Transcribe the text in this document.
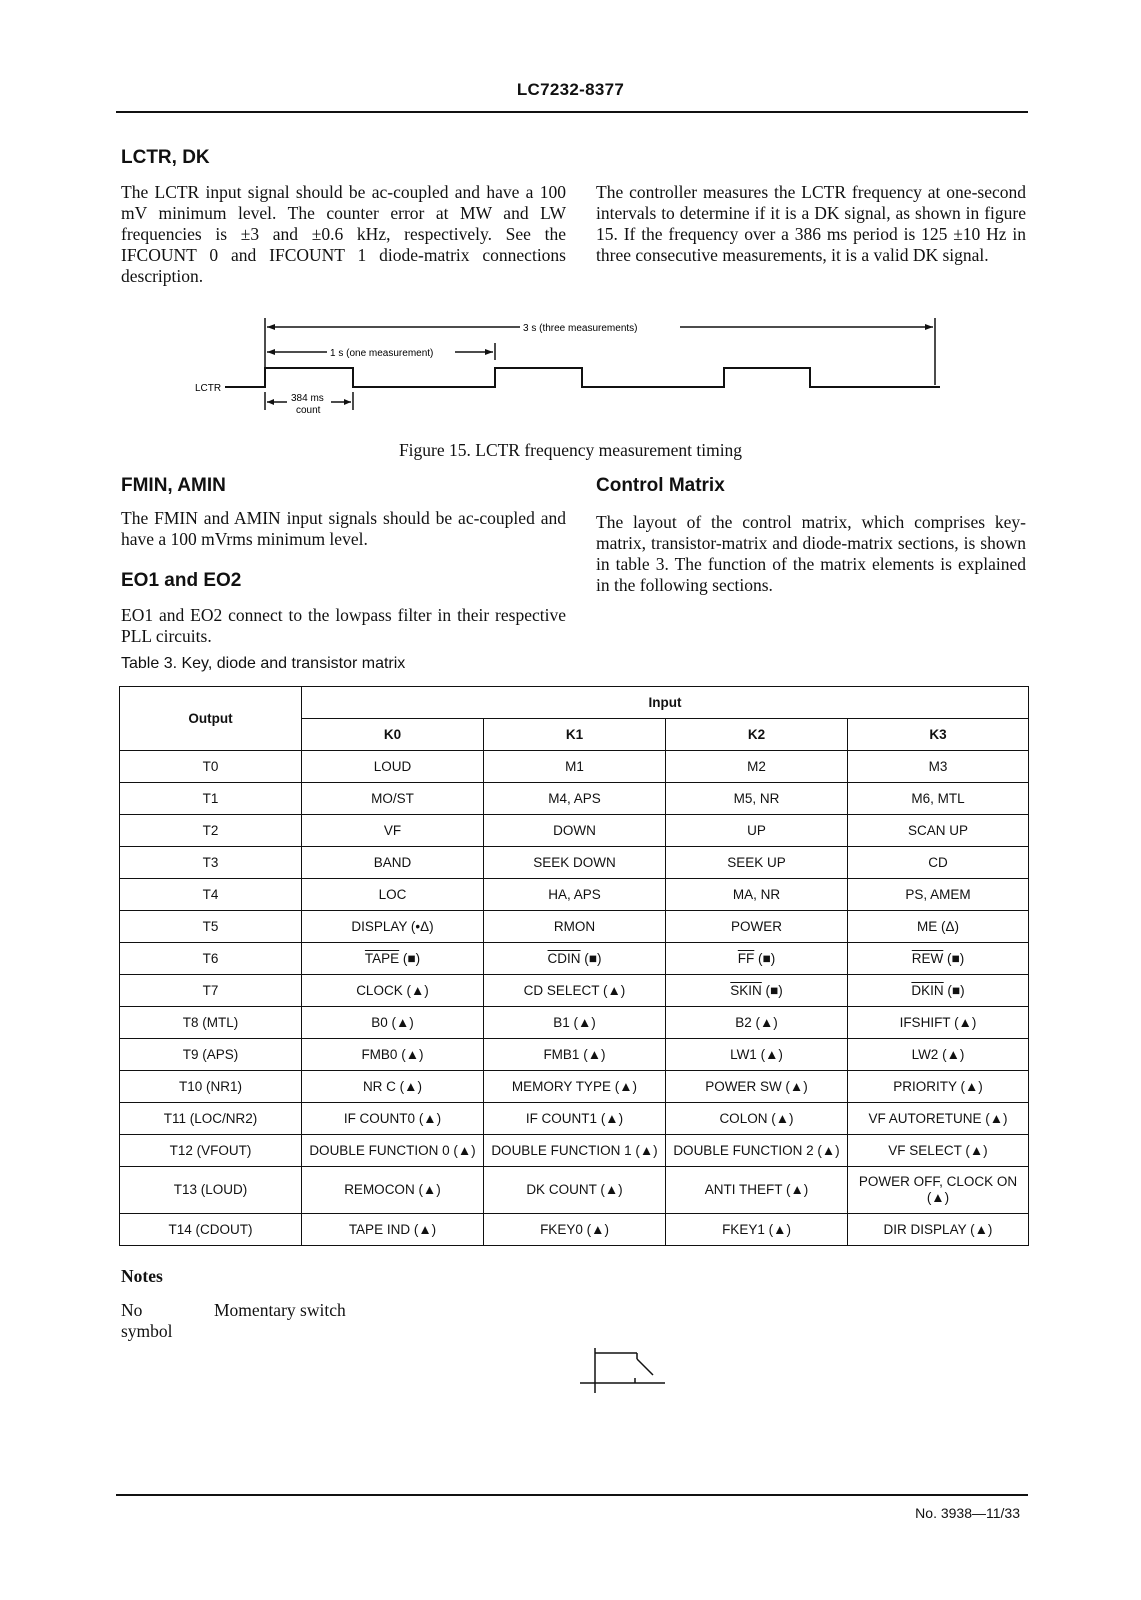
LC7232-8377
LCTR, DK

The LCTR input signal should be ac-coupled and have a 100 mV minimum level. The counter error at MW and LW frequencies is ±3 and ±0.6 kHz, respectively. See the IFCOUNT 0 and IFCOUNT 1 diode-matrix connections description.

The controller measures the LCTR frequency at one-second intervals to determine if it is a DK signal, as shown in figure 15. If the frequency over a 386 ms period is 125 ±10 Hz in three consecutive measurements, it is a valid DK signal.

3 s (three measurements)
1 s (one measurement)
LCTR
384 ms
count
Figure 15. LCTR frequency measurement timing
FMIN, AMIN

The FMIN and AMIN input signals should be ac-coupled and have a 100 mVrms minimum level.

EO1 and EO2

EO1 and EO2 connect to the lowpass filter in their respective PLL circuits.

Table 3. Key, diode and transistor matrix
Control Matrix

The layout of the control matrix, which comprises key-matrix, transistor-matrix and diode-matrix sections, is shown in table 3. The function of the matrix elements is explained in the following sections.

Output	Input			
	K0	K1	K2	K3
T0	LOUD	M1	M2	M3
T1	MO/ST	M4, APS	M5, NR	M6, MTL
T2	VF	DOWN	UP	SCAN UP
T3	BAND	SEEK DOWN	SEEK UP	CD
T4	LOC	HA, APS	MA, NR	PS, AMEM
T5	DISPLAY (•Δ)	RMON	POWER	ME (Δ)
T6	TAPE (■)	CDIN (■)	$\overline{FF}$ (■)	$\overline{REW}$ (■)
T7	CLOCK (▲)	CD SELECT (▲)	SKIN (■)	DKIN (■)
T8 (MTL)	B0 (▲)	B1 (▲)	B2 (▲)	IFSHIFT (▲)
T9 (APS)	FMB0 (▲)	FMB1 (▲)	LW1 (▲)	LW2 (▲)
T10 (NR1)	NR C (▲)	MEMORY TYPE (▲)	POWER SW (▲)	PRIORITY (▲)
T11 (LOC/NR2)	IF COUNT0 (▲)	IF COUNT1 (▲)	COLON (▲)	VF AUTORETUNE (▲)
T12 (VFOUT)	DOUBLE FUNCTION 0 (▲)	DOUBLE FUNCTION 1 (▲)	DOUBLE FUNCTION 2 (▲)	VF SELECT (▲)
T13 (LOUD)	REMOCON (▲)	DK COUNT (▲)	ANTI THEFT (▲)	POWER OFF, CLOCK ON (▲)
T14 (CDOUT)	TAPE IND (▲)	FKEY0 (▲)	FKEY1 (▲)	DIR DISPLAY (▲)
Notes
No symbol
Momentary switch
No. 3938—11/33
